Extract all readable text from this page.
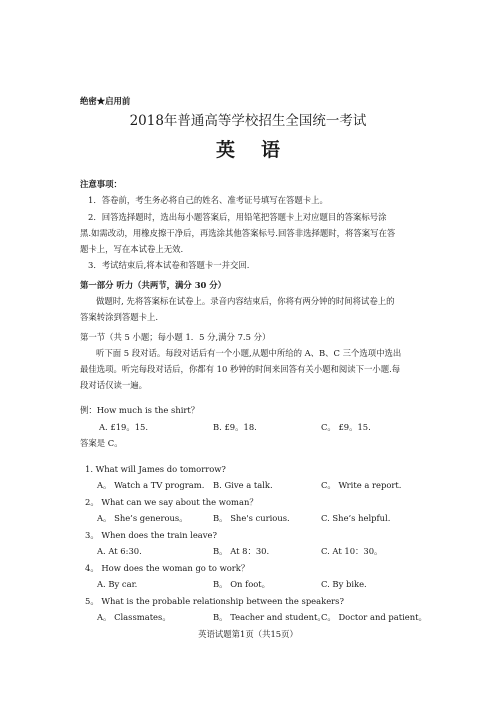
绝密★启用前
2018年普通高等学校招生全国统一考试
英 语
注意事项：
1．答卷前，考生务必将自己的姓名、准考证号填写在答题卡上。
2．回答选择题时，选出每小题答案后，用铅笔把答题卡上对应题目的答案标号涂
黑.如需改动，用橡皮擦干净后，再选涂其他答案标号.回答非选择题时，将答案写在答
题卡上，写在本试卷上无效.
3．考试结束后,将本试卷和答题卡一并交回.
第一部分 听力（共两节，满分 30 分）
做题时, 先将答案标在试卷上。录音内容结束后，你将有两分钟的时间将试卷上的
答案转涂到答题卡上.
第一节（共 5 小题；每小题 1．5 分,满分 7.5 分）
听下面 5 段对话。每段对话后有一个小题,从题中所给的 A、B、C 三个选项中选出
最佳选项。听完每段对话后，你都有 10 秒钟的时间来回答有关小题和阅读下一小题.每
段对话仅读一遍。
例：How much is the shirt？
A. £19。15.	B. £9。18.	C。 £9。15.
答案是 C。
1. What will James do tomorrow?
A。 Watch a TV program. B. Give a talk.	C。 Write a report.
2。 What can we say about the woman？
A。 She’s generous。	B。 She's curious.	C. She’s helpful.
3。 When does the train leave?
A. At 6:30.	B。 At 8：30.	C. At 10：30。
4。 How does the woman go to work？
A. By car.	B。 On foot。	C. By bike.
5。 What is the probable relationship between the speakers?
A。 Classmates。	B。 Teacher and student。
C。 Doctor and patient。
英语试题第1页（共15页）
